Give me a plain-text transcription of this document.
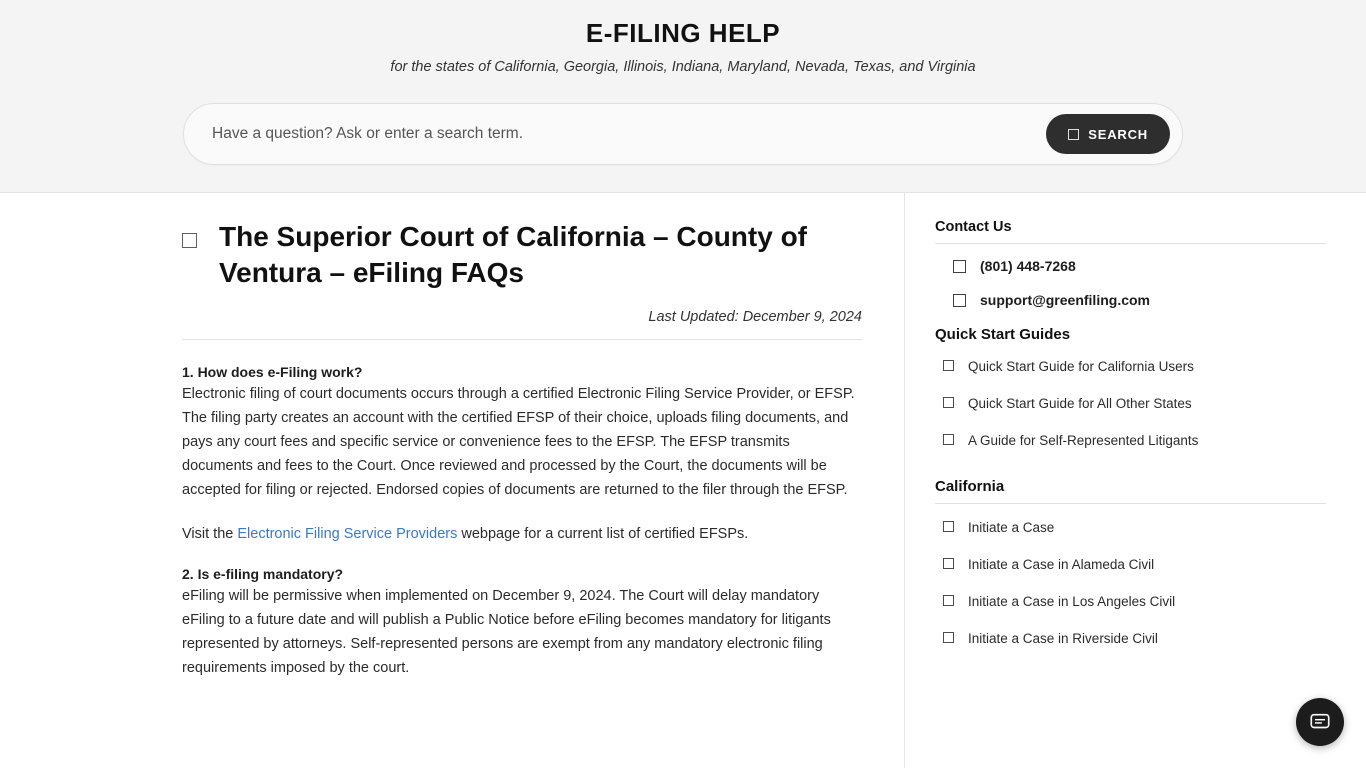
E-FILING HELP
for the states of California, Georgia, Illinois, Indiana, Maryland, Nevada, Texas, and Virginia
Have a question? Ask or enter a search term.
SEARCH
The Superior Court of California – County of Ventura – eFiling FAQs
Last Updated: December 9, 2024

1. How does e-Filing work?

Electronic filing of court documents occurs through a certified Electronic Filing Service Provider, or EFSP. The filing party creates an account with the certified EFSP of their choice, uploads filing documents, and pays any court fees and specific service or convenience fees to the EFSP. The EFSP transmits documents and fees to the Court. Once reviewed and processed by the Court, the documents will be accepted for filing or rejected. Endorsed copies of documents are returned to the filer through the EFSP.

Visit the Electronic Filing Service Providers webpage for a current list of certified EFSPs.

2. Is e-filing mandatory?

eFiling will be permissive when implemented on December 9, 2024. The Court will delay mandatory eFiling to a future date and will publish a Public Notice before eFiling becomes mandatory for litigants represented by attorneys. Self-represented persons are exempt from any mandatory electronic filing requirements imposed by the court.

Contact Us
(801) 448-7268
support@greenfiling.com
Quick Start Guides
Quick Start Guide for California Users
Quick Start Guide for All Other States
A Guide for Self-Represented Litigants
California
Initiate a Case
Initiate a Case in Alameda Civil
Initiate a Case in Los Angeles Civil
Initiate a Case in Riverside Civil
